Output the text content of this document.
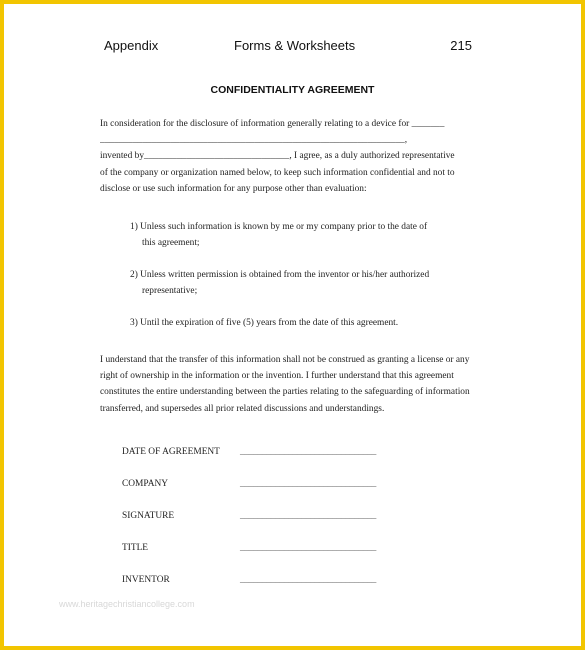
Appendix	Forms & Worksheets	215
CONFIDENTIALITY AGREEMENT
In consideration for the disclosure of information generally relating to a device for _______
_________________________________________________________________,
invented by_______________________________, I agree, as a duly authorized representative
of the company or organization named below, to keep such information confidential and not to
disclose or use such information for any purpose other than evaluation:
1) Unless such information is known by me or my company prior to the date of
this agreement;
2) Unless written permission is obtained from the inventor or his/her authorized
representative;
3) Until the expiration of five (5) years from the date of this agreement.
I understand that the transfer of this information shall not be construed as granting a license or any
right of ownership in the information or the invention. I further understand that this agreement
constitutes the entire understanding between the parties relating to the safeguarding of information
transferred, and supersedes all prior related discussions and understandings.
DATE OF AGREEMENT _______________________________
COMPANY	_______________________________
SIGNATURE	_______________________________
TITLE	_______________________________
INVENTOR	_______________________________
www.heritagechristiancollege.com
